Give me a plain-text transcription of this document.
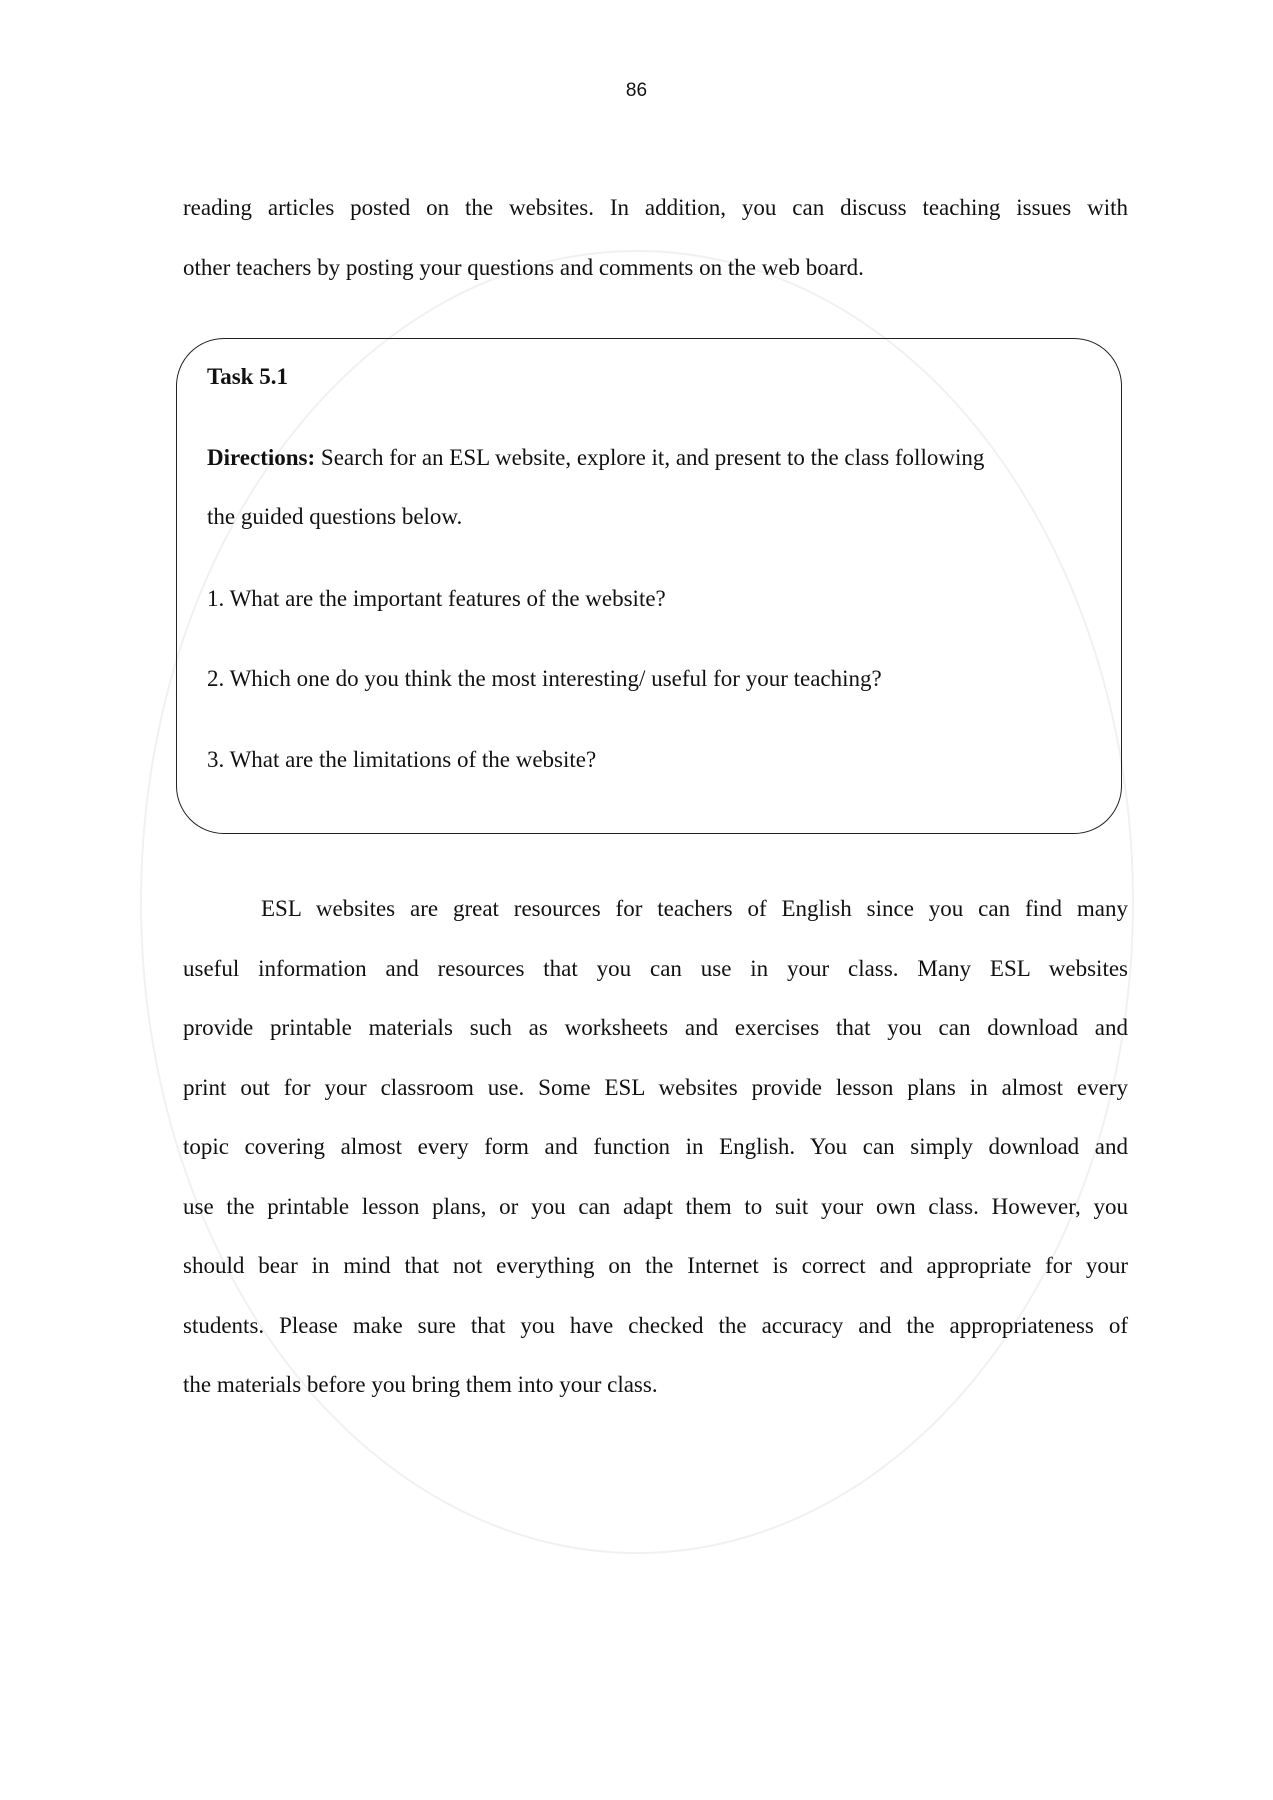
86
reading articles posted on the websites. In addition, you can discuss teaching issues with
other teachers by posting your questions and comments on the web board.
Task 5.1
Directions: Search for an ESL website, explore it, and present to the class following
the guided questions below.
1. What are the important features of the website?
2. Which one do you think the most interesting/ useful for your teaching?
3. What are the limitations of the website?
ESL websites are great resources for teachers of English since you can find many
useful information and resources that you can use in your class. Many ESL websites
provide printable materials such as worksheets and exercises that you can download and
print out for your classroom use. Some ESL websites provide lesson plans in almost every
topic covering almost every form and function in English. You can simply download and
use the printable lesson plans, or you can adapt them to suit your own class. However, you
should bear in mind that not everything on the Internet is correct and appropriate for your
students. Please make sure that you have checked the accuracy and the appropriateness of
the materials before you bring them into your class.
